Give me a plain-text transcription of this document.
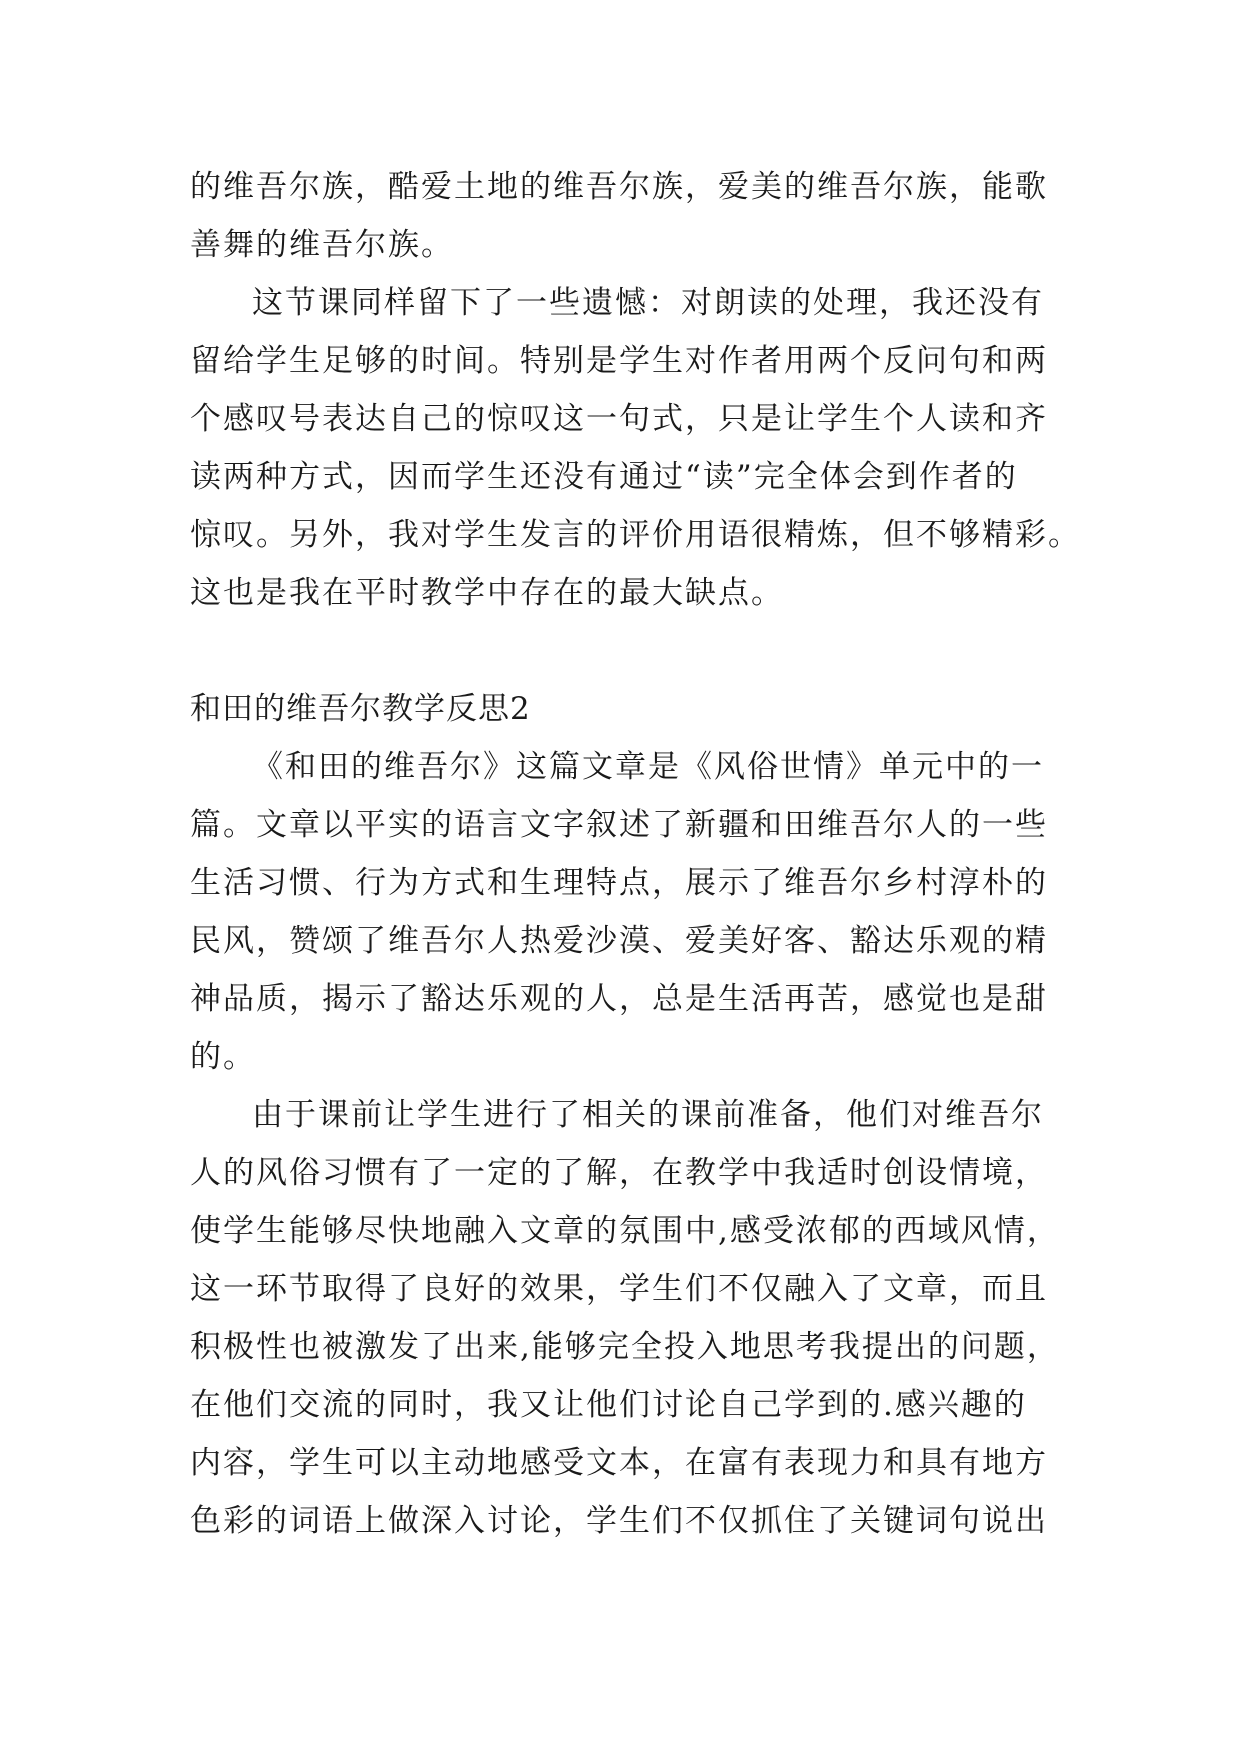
的维吾尔族，酷爱土地的维吾尔族，爱美的维吾尔族，能歌
善舞的维吾尔族。
这节课同样留下了一些遗憾：对朗读的处理，我还没有
留给学生足够的时间。特别是学生对作者用两个反问句和两
个感叹号表达自己的惊叹这一句式，只是让学生个人读和齐
读两种方式，因而学生还没有通过“读”完全体会到作者的
惊叹。另外，我对学生发言的评价用语很精炼，但不够精彩。
这也是我在平时教学中存在的最大缺点。
和田的维吾尔教学反思2
《和田的维吾尔》这篇文章是《风俗世情》单元中的一
篇。文章以平实的语言文字叙述了新疆和田维吾尔人的一些
生活习惯、行为方式和生理特点，展示了维吾尔乡村淳朴的
民风，赞颂了维吾尔人热爱沙漠、爱美好客、豁达乐观的精
神品质，揭示了豁达乐观的人，总是生活再苦，感觉也是甜
的。
由于课前让学生进行了相关的课前准备，他们对维吾尔
人的风俗习惯有了一定的了解，在教学中我适时创设情境，
使学生能够尽快地融入文章的氛围中,感受浓郁的西域风情，
这一环节取得了良好的效果，学生们不仅融入了文章，而且
积极性也被激发了出来,能够完全投入地思考我提出的问题，
在他们交流的同时，我又让他们讨论自己学到的.感兴趣的
内容，学生可以主动地感受文本，在富有表现力和具有地方
色彩的词语上做深入讨论，学生们不仅抓住了关键词句说出
